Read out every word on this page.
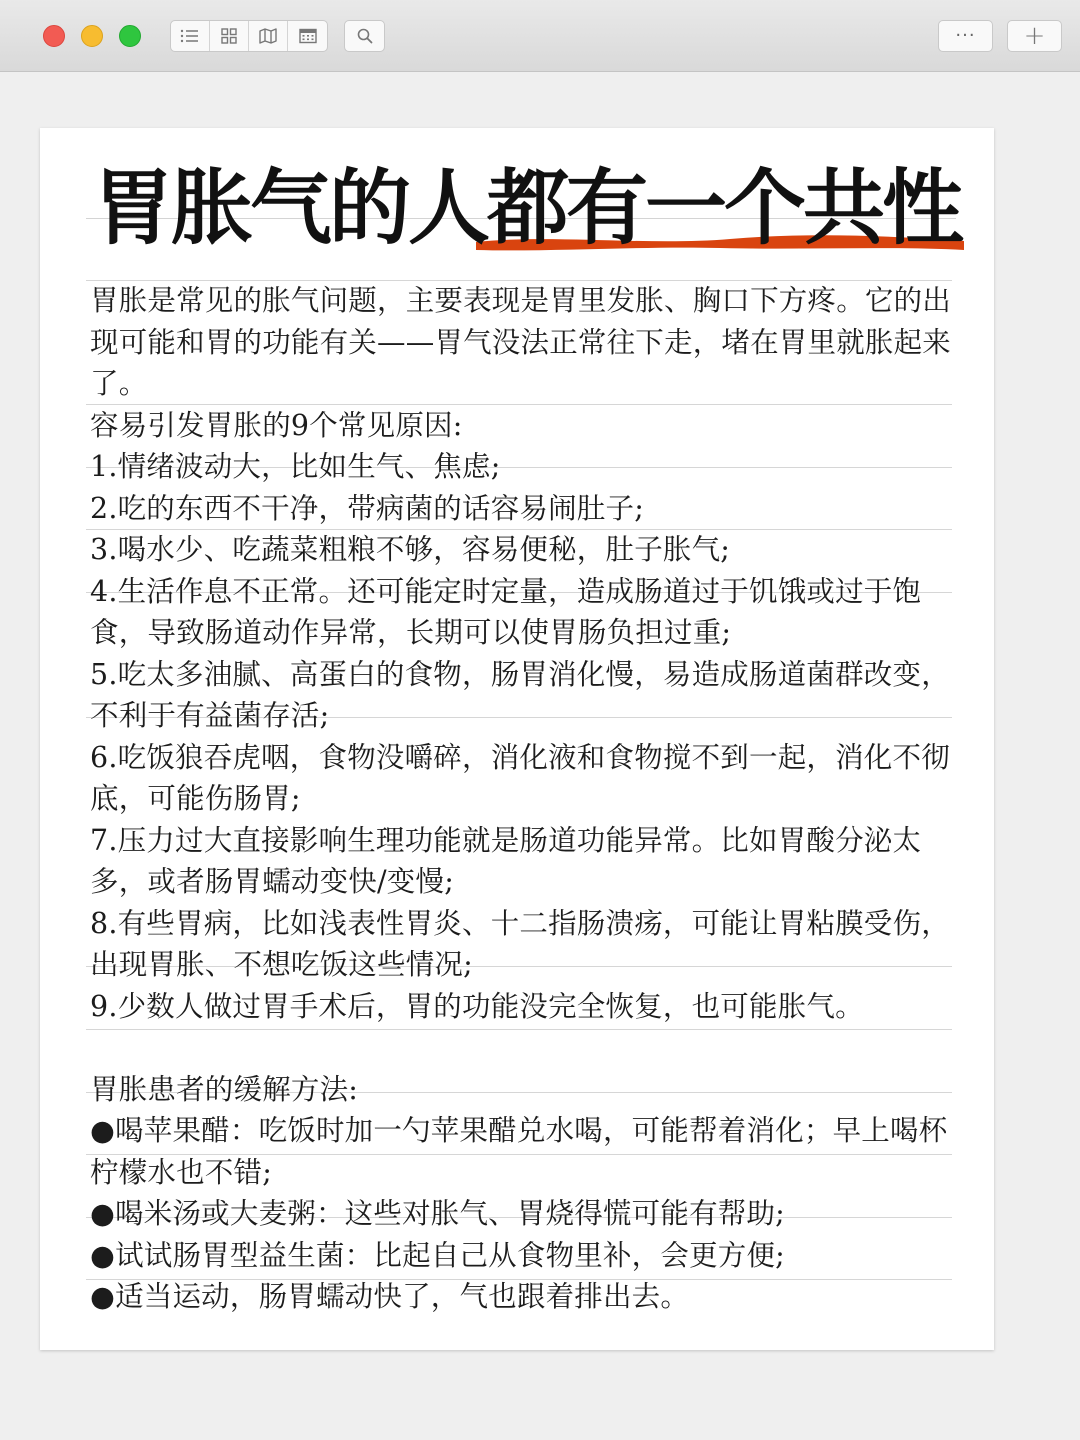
··· +
胃胀气的人都有一个共性

胃胀是常见的胀气问题，主要表现是胃里发胀、胸口下方疼。它的出现可能和胃的功能有关——胃气没法正常往下走，堵在胃里就胀起来了。

容易引发胃胀的9个常见原因:

1.情绪波动大，比如生气、焦虑;

2.吃的东西不干净，带病菌的话容易闹肚子;

3.喝水少、吃蔬菜粗粮不够，容易便秘，肚子胀气;

4.生活作息不正常。还可能定时定量，造成肠道过于饥饿或过于饱食，导致肠道动作异常，长期可以使胃肠负担过重;

5.吃太多油腻、高蛋白的食物，肠胃消化慢，易造成肠道菌群改变，不利于有益菌存活;

6.吃饭狼吞虎咽，食物没嚼碎，消化液和食物搅不到一起，消化不彻底，可能伤肠胃;

7.压力过大直接影响生理功能就是肠道功能异常。比如胃酸分泌太多，或者肠胃蠕动变快/变慢;

8.有些胃病，比如浅表性胃炎、十二指肠溃疡，可能让胃粘膜受伤，出现胃胀、不想吃饭这些情况;

9.少数人做过胃手术后，胃的功能没完全恢复，也可能胀气。

胃胀患者的缓解方法:

●喝苹果醋：吃饭时加一勺苹果醋兑水喝，可能帮着消化；早上喝杯柠檬水也不错;

●喝米汤或大麦粥：这些对胀气、胃烧得慌可能有帮助;

●试试肠胃型益生菌：比起自己从食物里补，会更方便;

●适当运动，肠胃蠕动快了，气也跟着排出去。
